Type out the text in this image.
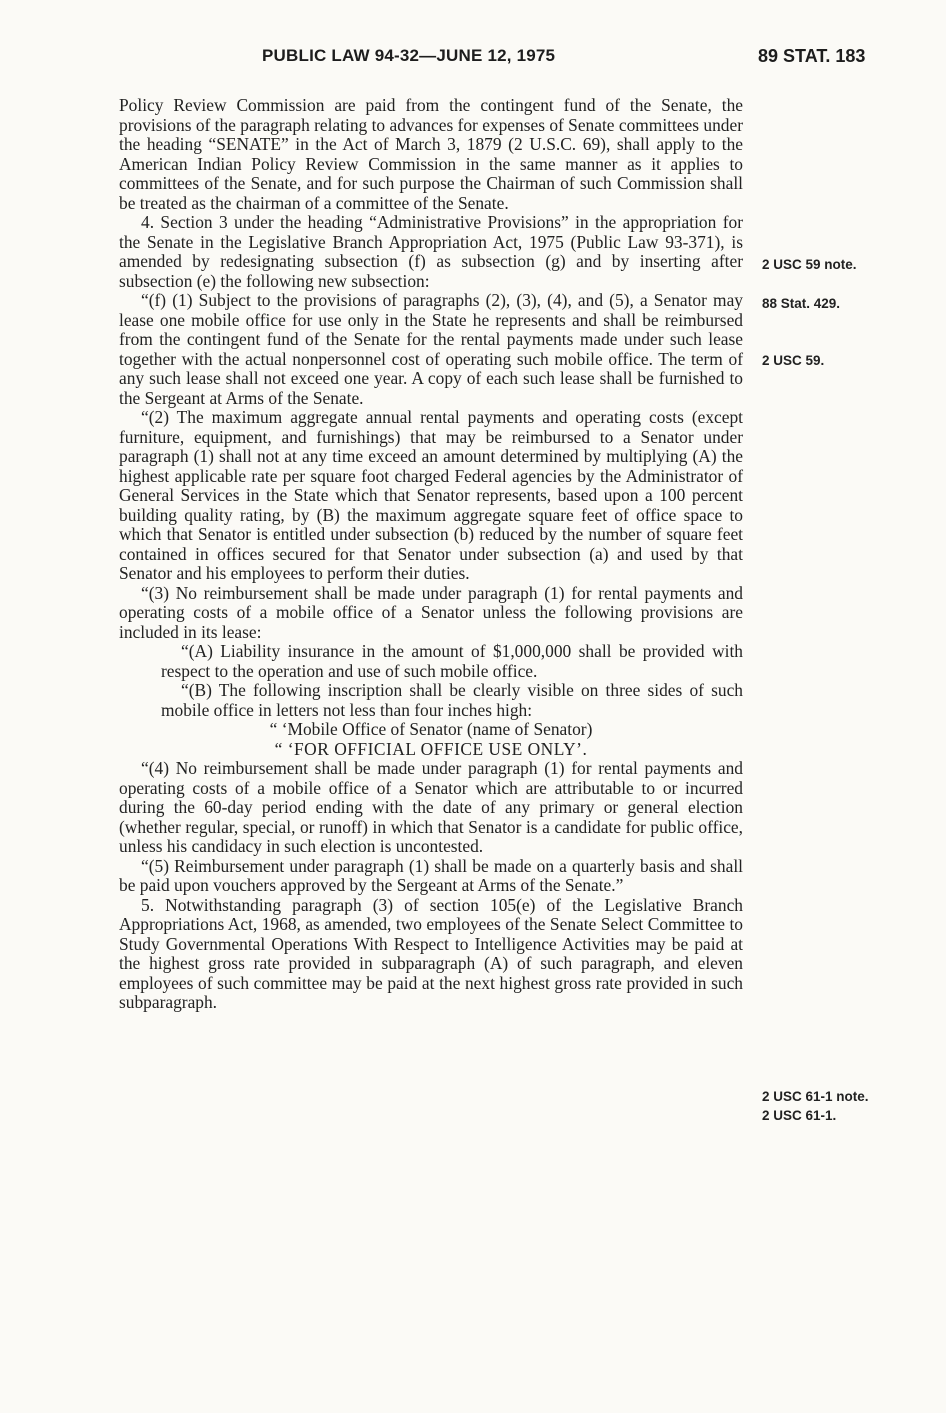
PUBLIC LAW 94-32—JUNE 12, 1975	89 STAT. 183

Policy Review Commission are paid from the contingent fund of the Senate, the provisions of the paragraph relating to advances for expenses of Senate committees under the heading “SENATE” in the Act of March 3, 1879 (2 U.S.C. 69), shall apply to the American Indian Policy Review Commission in the same manner as it applies to committees of the Senate, and for such purpose the Chairman of such Commission shall be treated as the chairman of a committee of the Senate.

4. Section 3 under the heading “Administrative Provisions” in the appropriation for the Senate in the Legislative Branch Appropriation Act, 1975 (Public Law 93-371), is amended by redesignating subsection (f) as subsection (g) and by inserting after subsection (e) the following new subsection:

“(f) (1) Subject to the provisions of paragraphs (2), (3), (4), and (5), a Senator may lease one mobile office for use only in the State he represents and shall be reimbursed from the contingent fund of the Senate for the rental payments made under such lease together with the actual nonpersonnel cost of operating such mobile office. The term of any such lease shall not exceed one year. A copy of each such lease shall be furnished to the Sergeant at Arms of the Senate.

“(2) The maximum aggregate annual rental payments and operating costs (except furniture, equipment, and furnishings) that may be reimbursed to a Senator under paragraph (1) shall not at any time exceed an amount determined by multiplying (A) the highest applicable rate per square foot charged Federal agencies by the Administrator of General Services in the State which that Senator represents, based upon a 100 percent building quality rating, by (B) the maximum aggregate square feet of office space to which that Senator is entitled under subsection (b) reduced by the number of square feet contained in offices secured for that Senator under subsection (a) and used by that Senator and his employees to perform their duties.

“(3) No reimbursement shall be made under paragraph (1) for rental payments and operating costs of a mobile office of a Senator unless the following provisions are included in its lease:

“(A) Liability insurance in the amount of $1,000,000 shall be provided with respect to the operation and use of such mobile office.

“(B) The following inscription shall be clearly visible on three sides of such mobile office in letters not less than four inches high:

“ ‘Mobile Office of Senator (name of Senator)

“ ‘FOR OFFICIAL OFFICE USE ONLY’.

“(4) No reimbursement shall be made under paragraph (1) for rental payments and operating costs of a mobile office of a Senator which are attributable to or incurred during the 60-day period ending with the date of any primary or general election (whether regular, special, or runoff) in which that Senator is a candidate for public office, unless his candidacy in such election is uncontested.

“(5) Reimbursement under paragraph (1) shall be made on a quarterly basis and shall be paid upon vouchers approved by the Sergeant at Arms of the Senate.”

5. Notwithstanding paragraph (3) of section 105(e) of the Legislative Branch Appropriations Act, 1968, as amended, two employees of the Senate Select Committee to Study Governmental Operations With Respect to Intelligence Activities may be paid at the highest gross rate provided in subparagraph (A) of such paragraph, and eleven employees of such committee may be paid at the next highest gross rate provided in such subparagraph.

2 USC 59 note.
88 Stat. 429.
2 USC 59.
2 USC 61-1 note.
2 USC 61-1.
